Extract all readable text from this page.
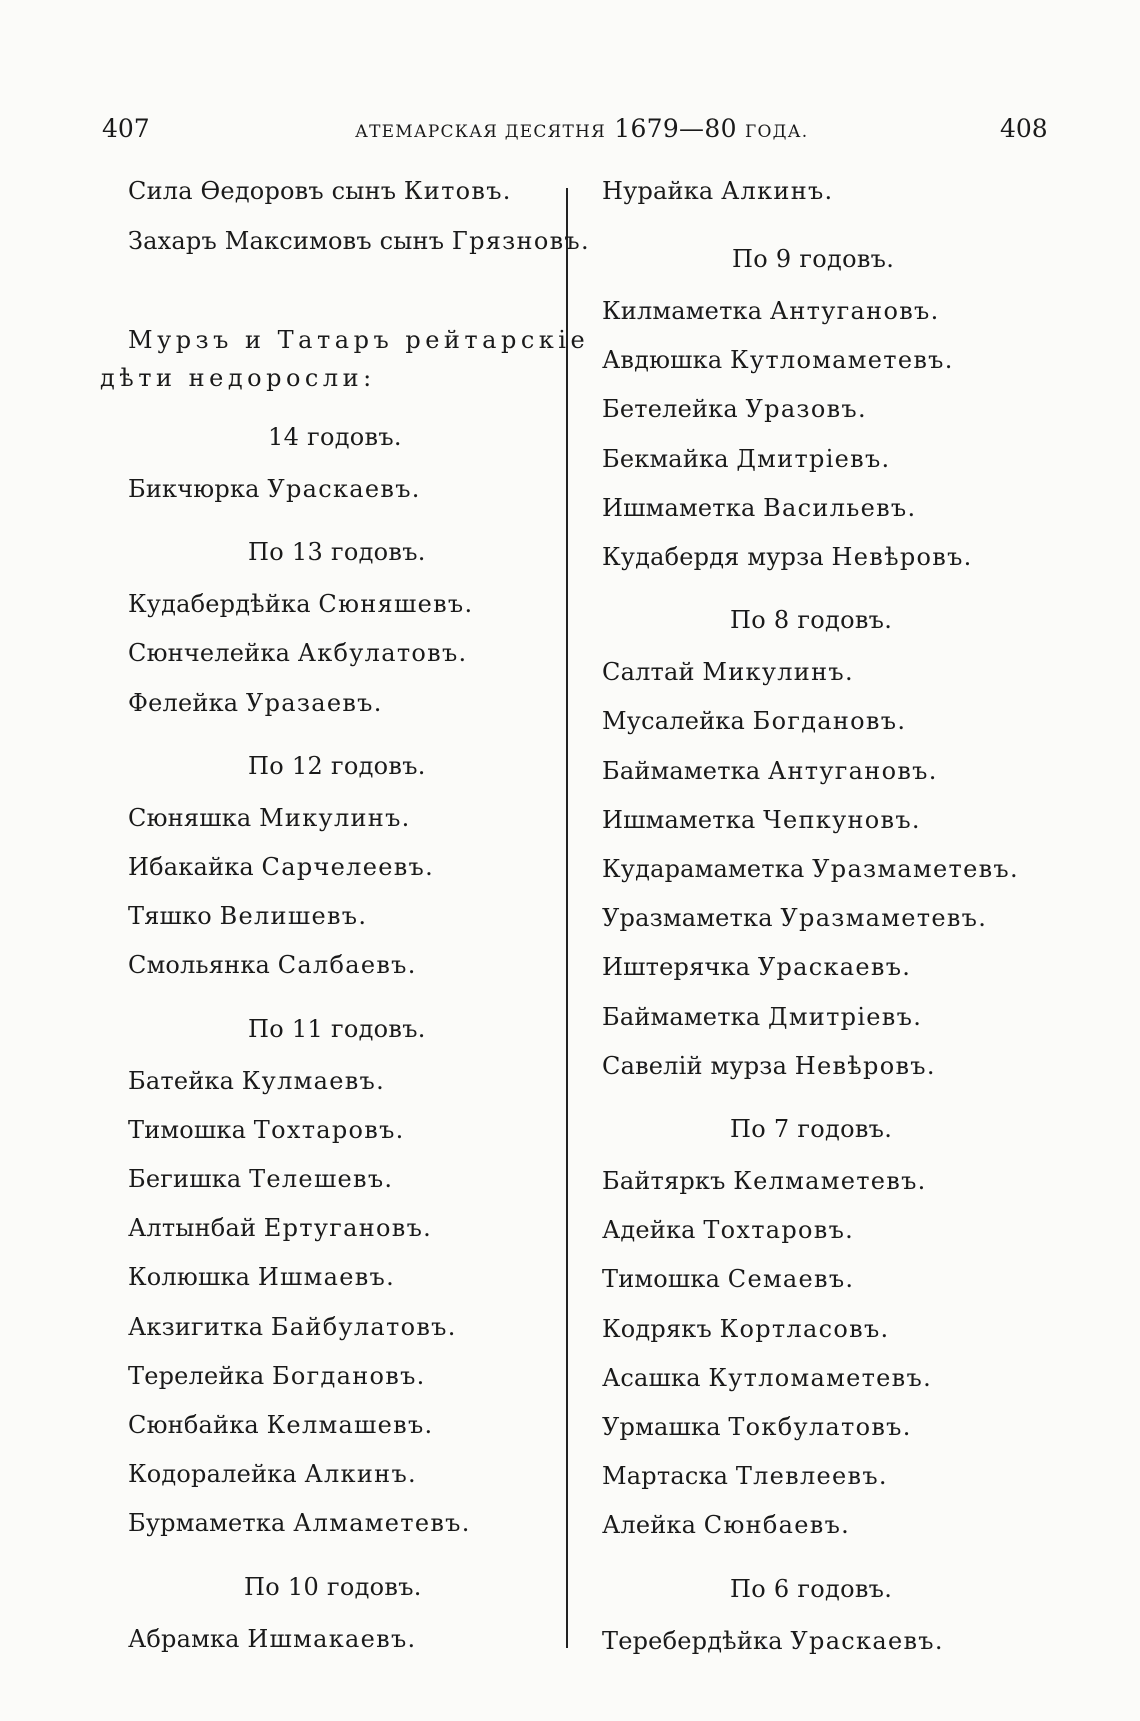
407	АТЕМАРСКАЯ ДЕСЯТНЯ 1679—80 ГОДА.	408
Сила Өедоровъ сынъ Китовъ.
Захаръ Максимовъ сынъ Грязновъ.
Мурзъ и Татаръ рейтарскіе
дѣти недоросли:
14 годовъ.
Бикчюрка Ураскаевъ.
По 13 годовъ.
Кудабердѣйка Сюняшевъ.
Сюнчелейка Акбулатовъ.
Фелейка Уразаевъ.
По 12 годовъ.
Сюняшка Микулинъ.
Ибакайка Сарчелеевъ.
Тяшко Велишевъ.
Смольянка Салбаевъ.
По 11 годовъ.
Батейка Кулмаевъ.
Тимошка Тохтаровъ.
Бегишка Телешевъ.
Алтынбай Ертугановъ.
Колюшка Ишмаевъ.
Акзигитка Байбулатовъ.
Терелейка Богдановъ.
Сюнбайка Келмашевъ.
Кодоралейка Алкинъ.
Бурмаметка Алмаметевъ.
По 10 годовъ.
Абрамка Ишмакаевъ.
Нурайка Алкинъ.
По 9 годовъ.
Килмаметка Антугановъ.
Авдюшка Кутломаметевъ.
Бетелейка Уразовъ.
Бекмайка Дмитріевъ.
Ишмаметка Васильевъ.
Кудабердя мурза Невѣровъ.
По 8 годовъ.
Салтай Микулинъ.
Мусалейка Богдановъ.
Баймаметка Антугановъ.
Ишмаметка Чепкуновъ.
Кударамаметка Уразмаметевъ.
Уразмаметка Уразмаметевъ.
Иштерячка Ураскаевъ.
Баймаметка Дмитріевъ.
Савелій мурза Невѣровъ.
По 7 годовъ.
Байтяркъ Келмаметевъ.
Адейка Тохтаровъ.
Тимошка Семаевъ.
Кодрякъ Кортласовъ.
Асашка Кутломаметевъ.
Урмашка Токбулатовъ.
Мартаска Тлевлеевъ.
Алейка Сюнбаевъ.
По 6 годовъ.
Теребердѣйка Ураскаевъ.
